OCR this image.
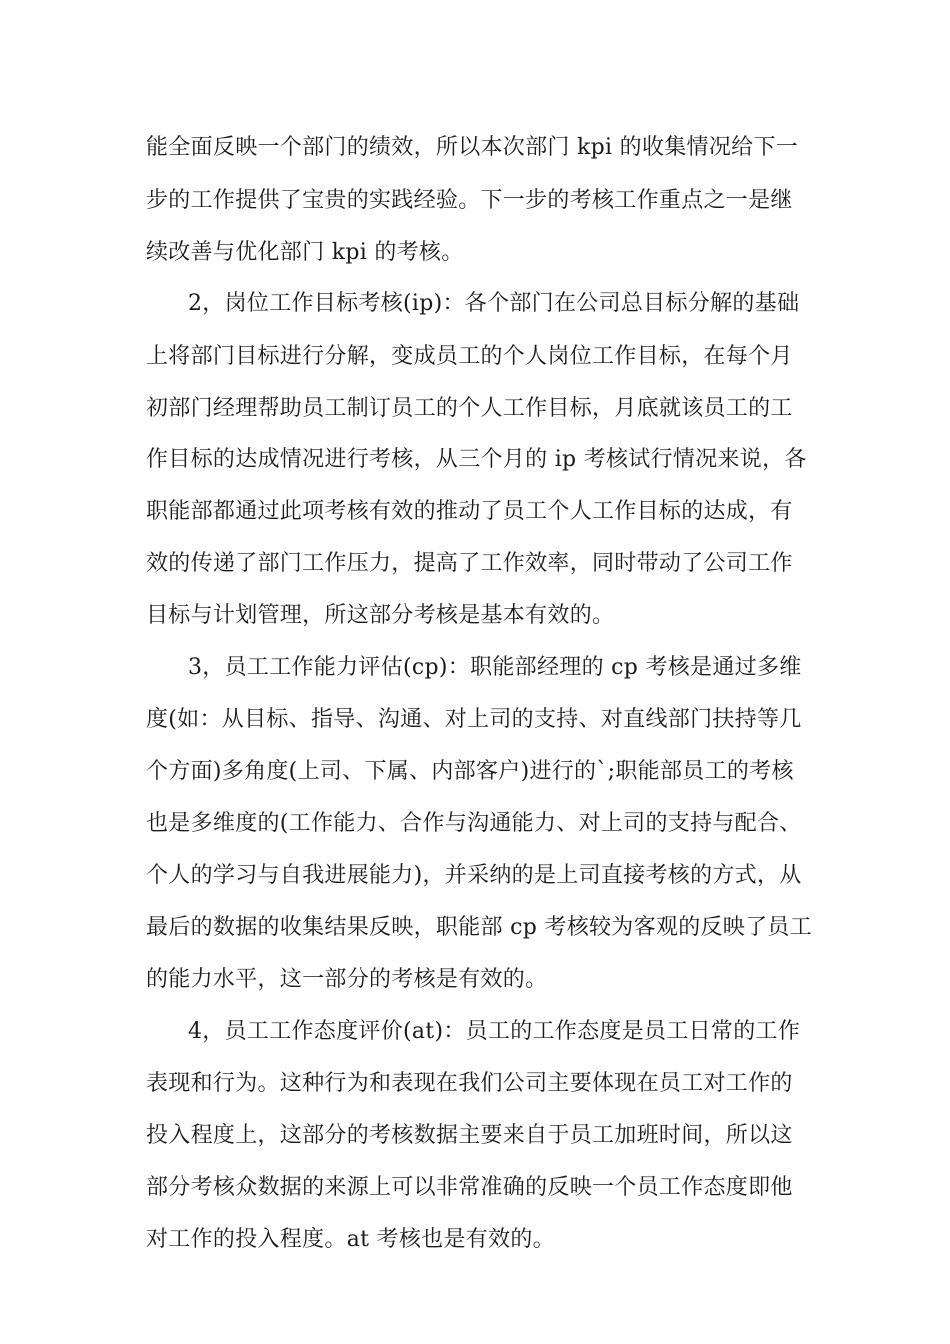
能全面反映一个部门的绩效，所以本次部门 kpi 的收集情况给下一
步的工作提供了宝贵的实践经验。下一步的考核工作重点之一是继
续改善与优化部门 kpi 的考核。
2，岗位工作目标考核(ip)：各个部门在公司总目标分解的基础
上将部门目标进行分解，变成员工的个人岗位工作目标，在每个月
初部门经理帮助员工制订员工的个人工作目标，月底就该员工的工
作目标的达成情况进行考核，从三个月的 ip 考核试行情况来说，各
职能部都通过此项考核有效的推动了员工个人工作目标的达成，有
效的传递了部门工作压力，提高了工作效率，同时带动了公司工作
目标与计划管理，所这部分考核是基本有效的。
3，员工工作能力评估(cp)：职能部经理的 cp 考核是通过多维
度(如：从目标、指导、沟通、对上司的支持、对直线部门扶持等几
个方面)多角度(上司、下属、内部客户)进行的`;职能部员工的考核
也是多维度的(工作能力、合作与沟通能力、对上司的支持与配合、
个人的学习与自我进展能力)，并采纳的是上司直接考核的方式，从
最后的数据的收集结果反映，职能部 cp 考核较为客观的反映了员工
的能力水平，这一部分的考核是有效的。
4，员工工作态度评价(at)：员工的工作态度是员工日常的工作
表现和行为。这种行为和表现在我们公司主要体现在员工对工作的
投入程度上，这部分的考核数据主要来自于员工加班时间，所以这
部分考核众数据的来源上可以非常准确的反映一个员工作态度即他
对工作的投入程度。at 考核也是有效的。
